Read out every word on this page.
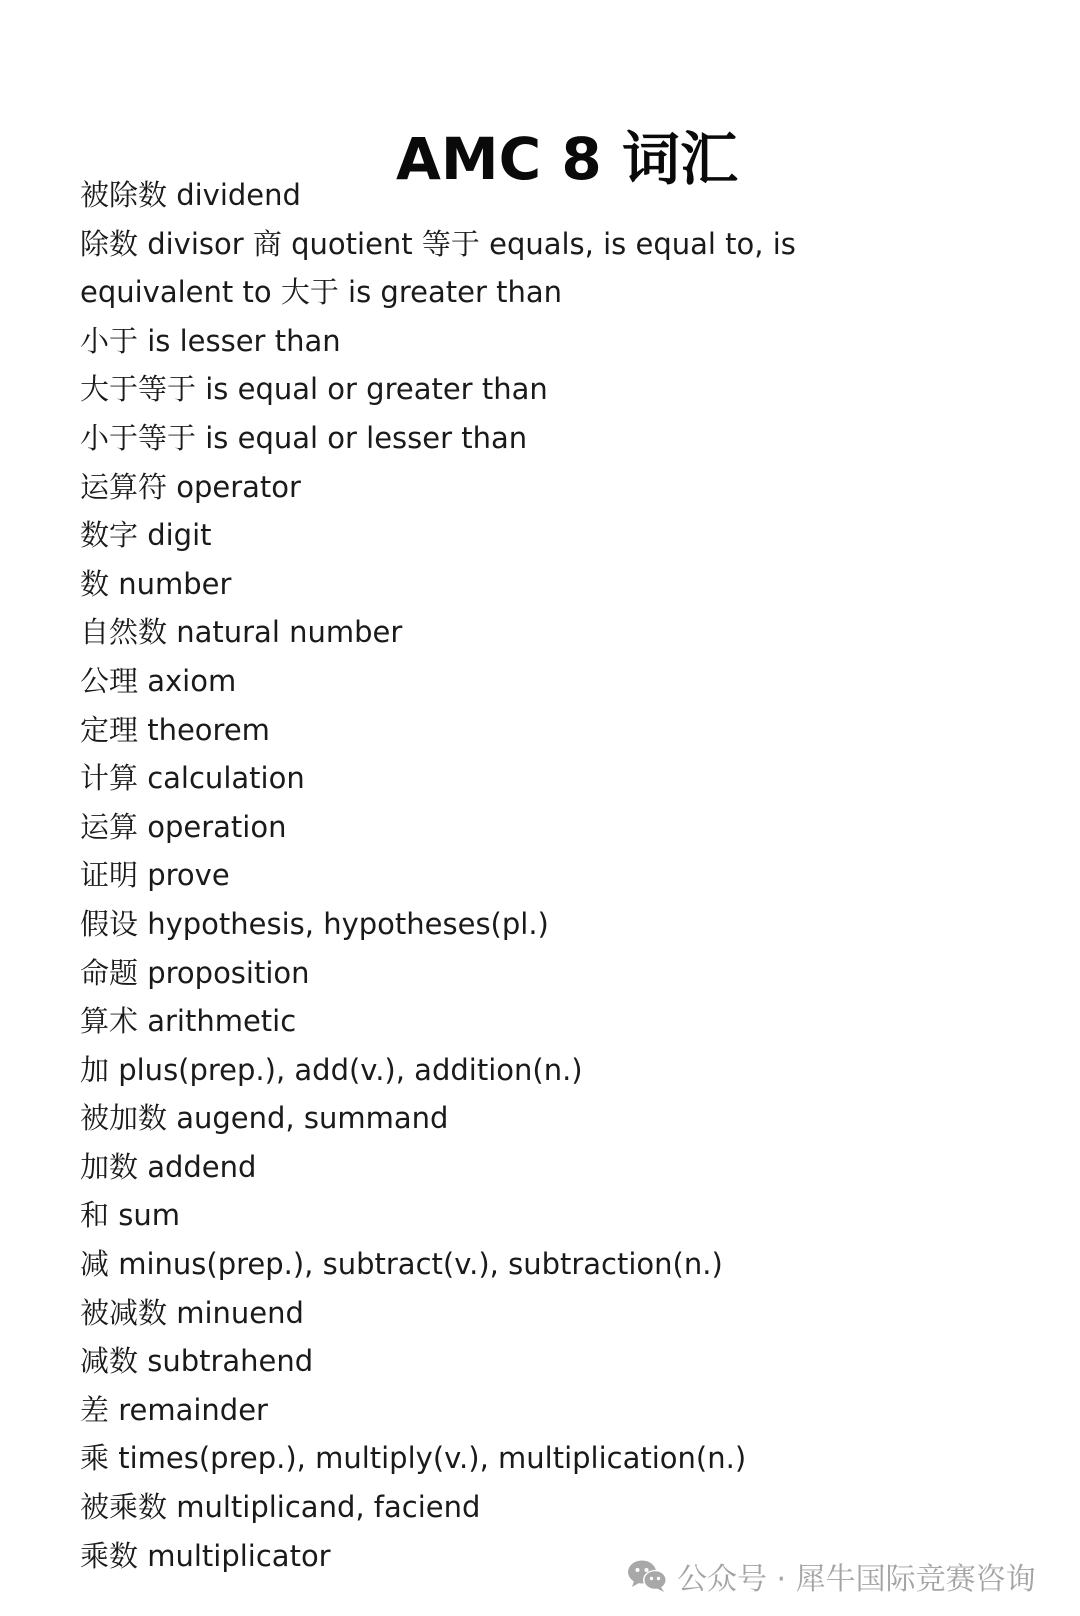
AMC 8 词汇
被除数 dividend
除数 divisor 商 quotient 等于 equals, is equal to, is
equivalent to 大于 is greater than
小于 is lesser than
大于等于 is equal or greater than
小于等于 is equal or lesser than
运算符 operator
数字 digit
数 number
自然数 natural number
公理 axiom
定理 theorem
计算 calculation
运算 operation
证明 prove
假设 hypothesis, hypotheses(pl.)
命题 proposition
算术 arithmetic
加 plus(prep.), add(v.), addition(n.)
被加数 augend, summand
加数 addend
和 sum
减 minus(prep.), subtract(v.), subtraction(n.)
被减数 minuend
减数 subtrahend
差 remainder
乘 times(prep.), multiply(v.), multiplication(n.)
被乘数 multiplicand, faciend
乘数 multiplicator
公众号 · 犀牛国际竞赛咨询
